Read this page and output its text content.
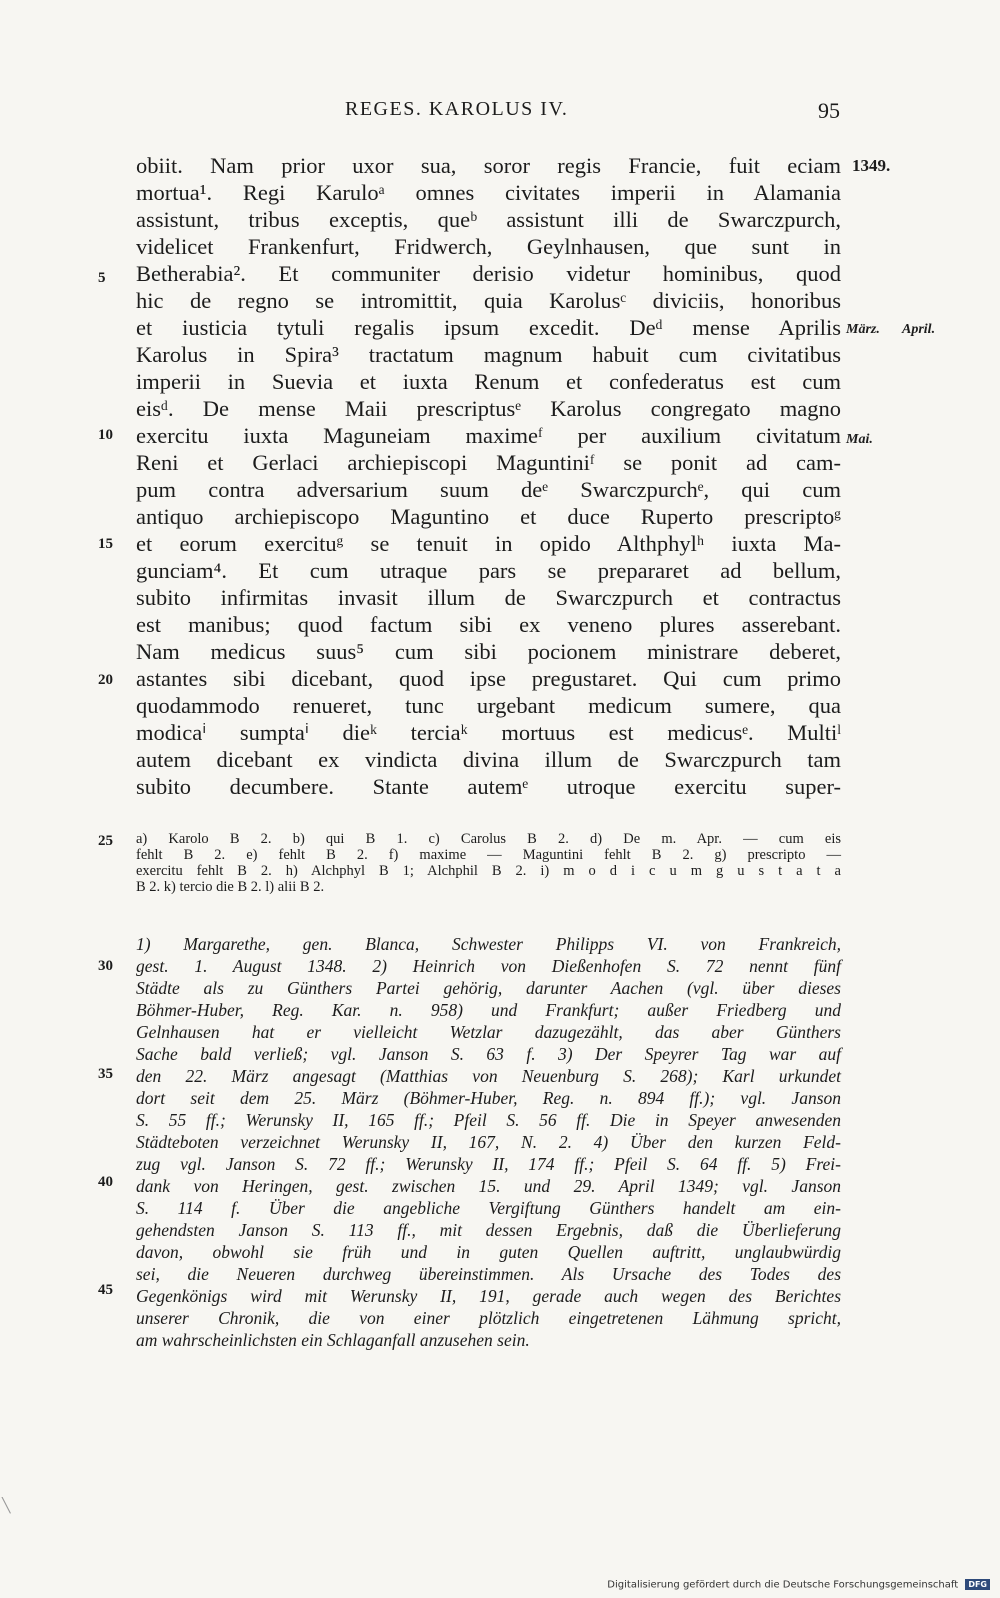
REGES. KAROLUS IV.	95
1349.
März. April.
Mai.
5
10
15
20
25
30
35
40
45
obiit. Nam prior uxor sua, soror regis Francie, fuit eciam
mortua¹. Regi Karuloᵃ omnes civitates imperii in Alamania
assistunt, tribus exceptis, queᵇ assistunt illi de Swarczpurch,
videlicet Frankenfurt, Fridwerch, Geylnhausen, que sunt in
Betherabia². Et communiter derisio videtur hominibus, quod
hic de regno se intromittit, quia Karolusᶜ diviciis, honoribus
et iusticia tytuli regalis ipsum excedit. Deᵈ mense Aprilis
Karolus in Spira³ tractatum magnum habuit cum civitatibus
imperii in Suevia et iuxta Renum et confederatus est cum
eisᵈ. De mense Maii prescriptusᵉ Karolus congregato magno
exercitu iuxta Maguneiam maximeᶠ per auxilium civitatum
Reni et Gerlaci archiepiscopi Maguntiniᶠ se ponit ad cam-
pum contra adversarium suum deᵉ Swarczpurchᵉ, qui cum
antiquo archiepiscopo Maguntino et duce Ruperto prescriptoᵍ
et eorum exercituᵍ se tenuit in opido Althphylʰ iuxta Ma-
gunciam⁴. Et cum utraque pars se prepararet ad bellum,
subito infirmitas invasit illum de Swarczpurch et contractus
est manibus; quod factum sibi ex veneno plures asserebant.
Nam medicus suus⁵ cum sibi pocionem ministrare deberet,
astantes sibi dicebant, quod ipse pregustaret. Qui cum primo
quodammodo renueret, tunc urgebant medicum sumere, qua
modicaⁱ sumptaⁱ dieᵏ terciaᵏ mortuus est medicusᵉ. Multiˡ
autem dicebant ex vindicta divina illum de Swarczpurch tam
subito decumbere. Stante autemᵉ utroque exercitu super-
a) Karolo B 2. b) qui B 1. c) Carolus B 2. d) De m. Apr. — cum eis
fehlt B 2. e) fehlt B 2. f) maxime — Maguntini fehlt B 2. g) prescripto —
exercitu fehlt B 2. h) Alchphyl B 1; Alchphil B 2. i) m o d i c u m g u s t a t a
B 2. k) tercio die B 2. l) alii B 2.
1) Margarethe, gen. Blanca, Schwester Philipps VI. von Frankreich,
gest. 1. August 1348. 2) Heinrich von Dießenhofen S. 72 nennt fünf
Städte als zu Günthers Partei gehörig, darunter Aachen (vgl. über dieses
Böhmer-Huber, Reg. Kar. n. 958) und Frankfurt; außer Friedberg und
Gelnhausen hat er vielleicht Wetzlar dazugezählt, das aber Günthers
Sache bald verließ; vgl. Janson S. 63 f. 3) Der Speyrer Tag war auf
den 22. März angesagt (Matthias von Neuenburg S. 268); Karl urkundet
dort seit dem 25. März (Böhmer-Huber, Reg. n. 894 ff.); vgl. Janson
S. 55 ff.; Werunsky II, 165 ff.; Pfeil S. 56 ff. Die in Speyer anwesenden
Städteboten verzeichnet Werunsky II, 167, N. 2. 4) Über den kurzen Feld-
zug vgl. Janson S. 72 ff.; Werunsky II, 174 ff.; Pfeil S. 64 ff. 5) Frei-
dank von Heringen, gest. zwischen 15. und 29. April 1349; vgl. Janson
S. 114 f. Über die angebliche Vergiftung Günthers handelt am ein-
gehendsten Janson S. 113 ff., mit dessen Ergebnis, daß die Überlieferung
davon, obwohl sie früh und in guten Quellen auftritt, unglaubwürdig
sei, die Neueren durchweg übereinstimmen. Als Ursache des Todes des
Gegenkönigs wird mit Werunsky II, 191, gerade auch wegen des Berichtes
unserer Chronik, die von einer plötzlich eingetretenen Lähmung spricht,
am wahrscheinlichsten ein Schlaganfall anzusehen sein.
╲
Digitalisierung gefördert durch die Deutsche Forschungsgemeinschaft DFG
